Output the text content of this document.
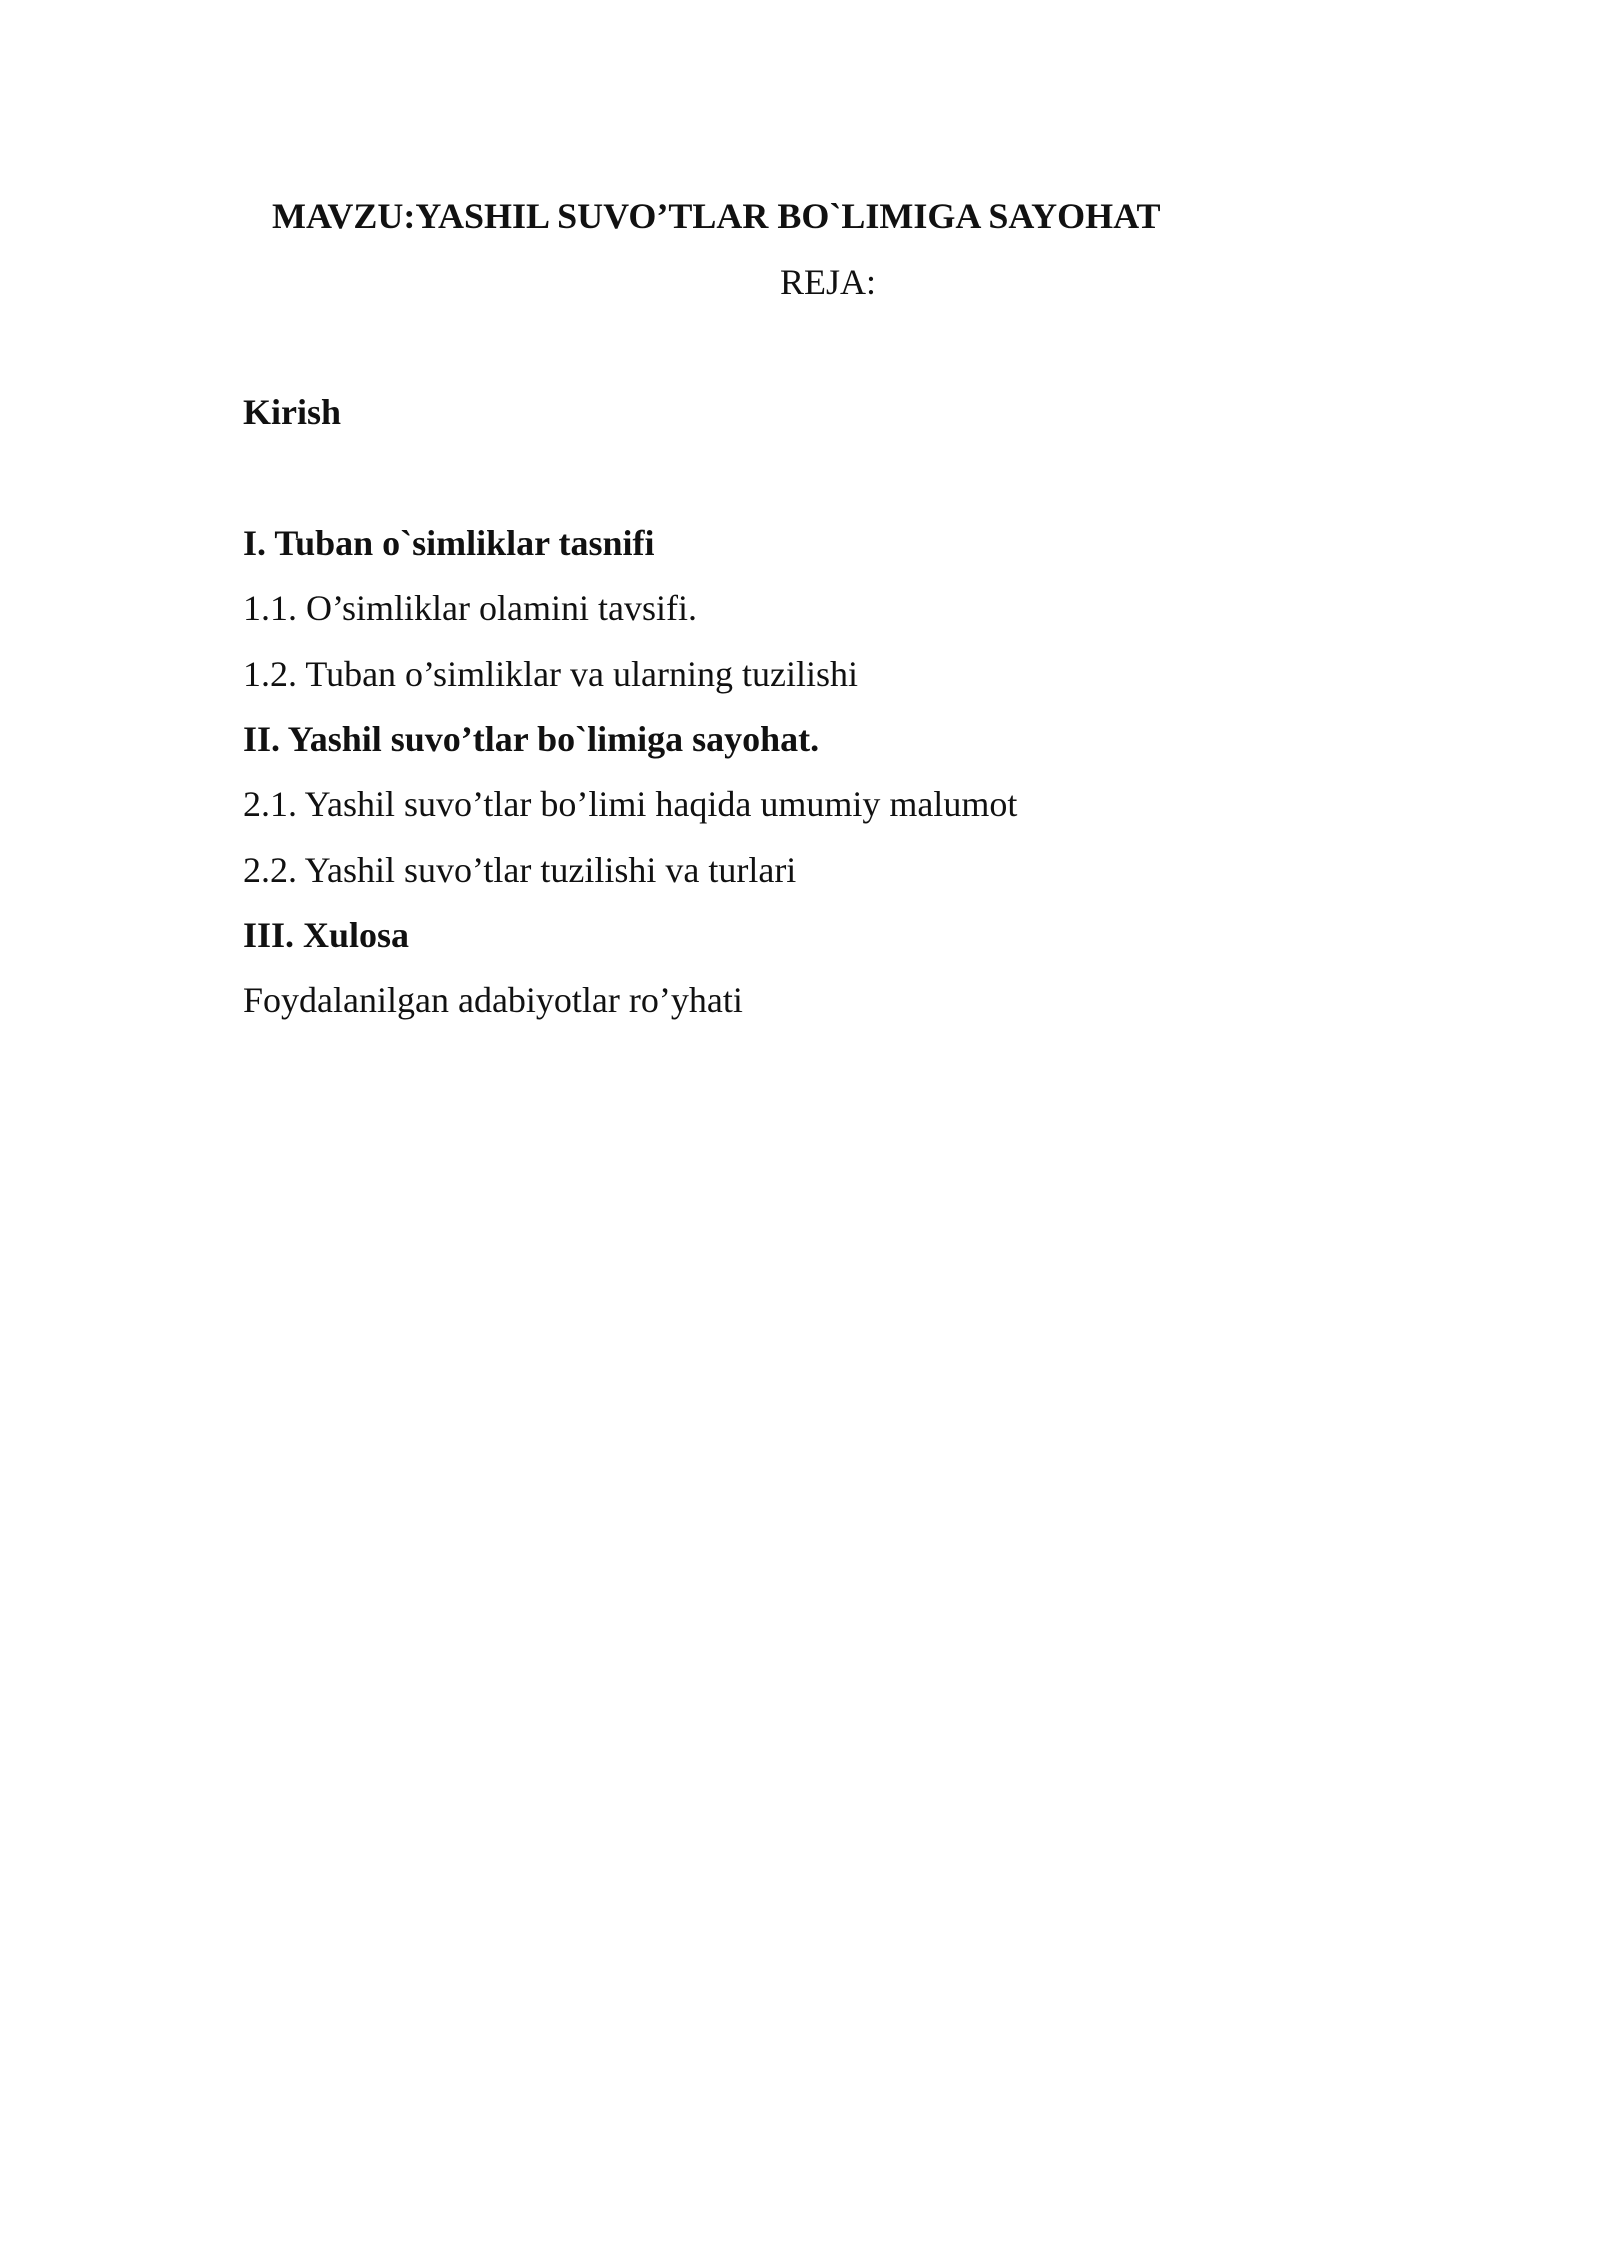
MAVZU:YASHIL SUVO’TLAR BO`LIMIGA SAYOHAT

REJA:

Kirish

I. Tuban o`simliklar tasnifi

1.1. O’simliklar olamini tavsifi.

1.2. Tuban o’simliklar va ularning tuzilishi

II. Yashil suvo’tlar bo`limiga sayohat.

2.1. Yashil suvo’tlar bo’limi haqida umumiy malumot

2.2. Yashil suvo’tlar tuzilishi va turlari

III. Xulosa

Foydalanilgan adabiyotlar ro’yhati
